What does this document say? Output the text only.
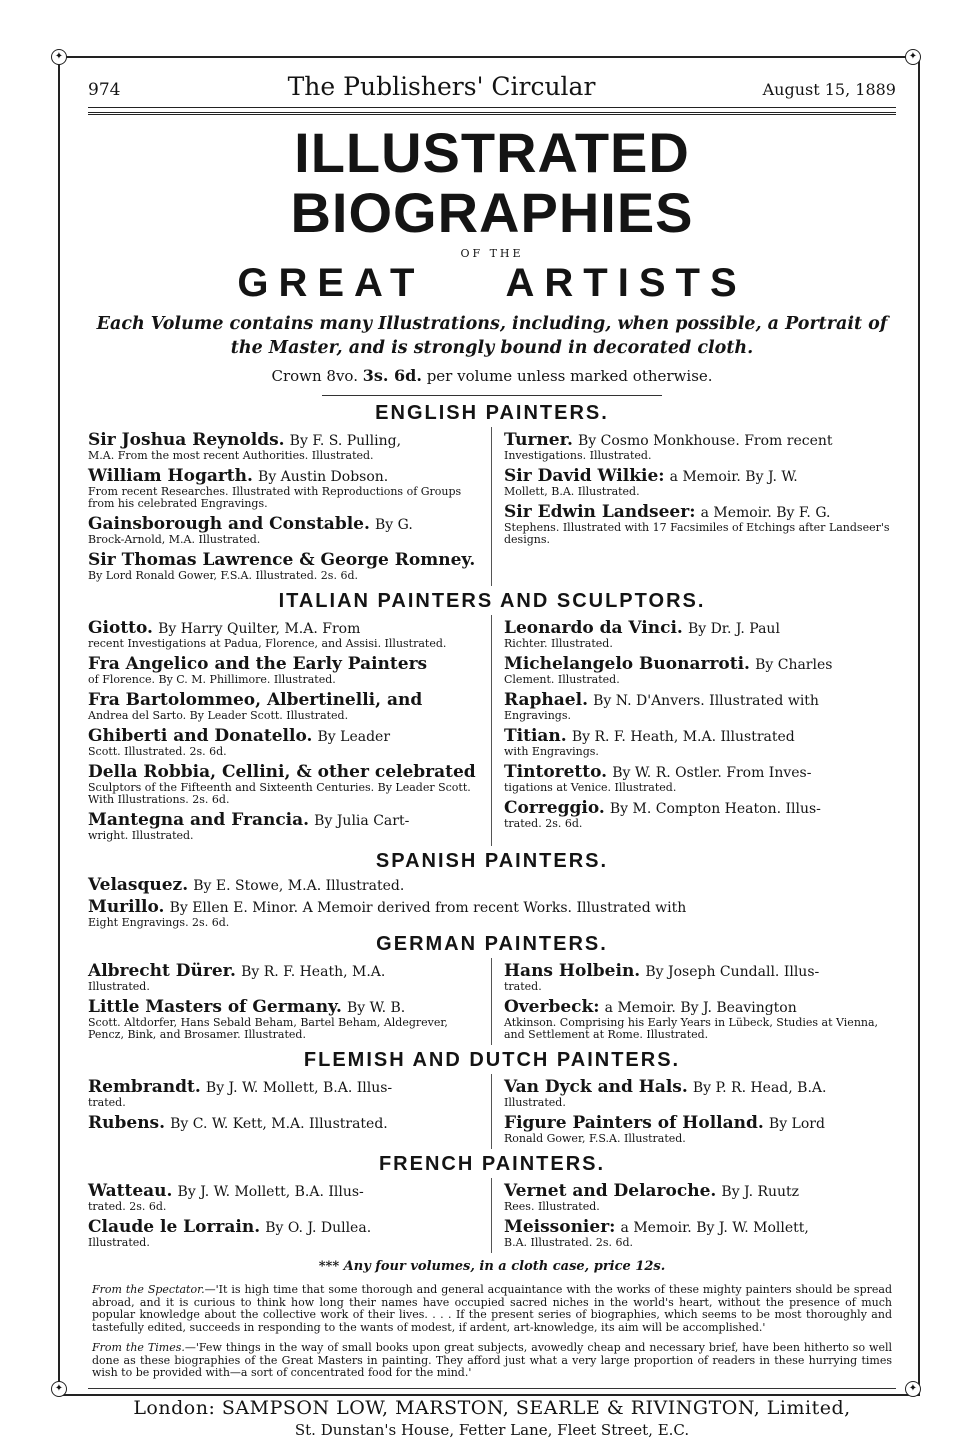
✦	✦
✦	✦
974	The Publishers' Circular	August 15, 1889
ILLUSTRATED BIOGRAPHIES
OF THE
GREAT ARTISTS
Each Volume contains many Illustrations, including, when possible, a Portrait of the Master, and is strongly bound in decorated cloth.
Crown 8vo. 3s. 6d. per volume unless marked otherwise.
ENGLISH PAINTERS.
Sir Joshua Reynolds. By F. S. Pulling,
M.A. From the most recent Authorities. Illustrated.
William Hogarth. By Austin Dobson.
From recent Researches. Illustrated with Reproductions of Groups from his celebrated Engravings.
Gainsborough and Constable. By G.
Brock-Arnold, M.A. Illustrated.
Sir Thomas Lawrence & George Romney.
By Lord Ronald Gower, F.S.A. Illustrated. 2s. 6d.
Turner. By Cosmo Monkhouse. From recent
Investigations. Illustrated.
Sir David Wilkie: a Memoir. By J. W.
Mollett, B.A. Illustrated.
Sir Edwin Landseer: a Memoir. By F. G.
Stephens. Illustrated with 17 Facsimiles of Etchings after Landseer's designs.
ITALIAN PAINTERS AND SCULPTORS.
Giotto. By Harry Quilter, M.A. From
recent Investigations at Padua, Florence, and Assisi. Illustrated.
Fra Angelico and the Early Painters
of Florence. By C. M. Phillimore. Illustrated.
Fra Bartolommeo, Albertinelli, and
Andrea del Sarto. By Leader Scott. Illustrated.
Ghiberti and Donatello. By Leader
Scott. Illustrated. 2s. 6d.
Della Robbia, Cellini, & other celebrated
Sculptors of the Fifteenth and Sixteenth Centuries. By Leader Scott. With Illustrations. 2s. 6d.
Mantegna and Francia. By Julia Cart-
wright. Illustrated.
Leonardo da Vinci. By Dr. J. Paul
Richter. Illustrated.
Michelangelo Buonarroti. By Charles
Clement. Illustrated.
Raphael. By N. D'Anvers. Illustrated with
Engravings.
Titian. By R. F. Heath, M.A. Illustrated
with Engravings.
Tintoretto. By W. R. Ostler. From Inves-
tigations at Venice. Illustrated.
Correggio. By M. Compton Heaton. Illus-
trated. 2s. 6d.
SPANISH PAINTERS.
Velasquez. By E. Stowe, M.A. Illustrated.
Murillo. By Ellen E. Minor. A Memoir derived from recent Works. Illustrated with
Eight Engravings. 2s. 6d.
GERMAN PAINTERS.
Albrecht Dürer. By R. F. Heath, M.A.
Illustrated.
Little Masters of Germany. By W. B.
Scott. Altdorfer, Hans Sebald Beham, Bartel Beham, Aldegrever, Pencz, Bink, and Brosamer. Illustrated.
Hans Holbein. By Joseph Cundall. Illus-
trated.
Overbeck: a Memoir. By J. Beavington
Atkinson. Comprising his Early Years in Lübeck, Studies at Vienna, and Settlement at Rome. Illustrated.
FLEMISH AND DUTCH PAINTERS.
Rembrandt. By J. W. Mollett, B.A. Illus-
trated.
Rubens. By C. W. Kett, M.A. Illustrated.
Van Dyck and Hals. By P. R. Head, B.A.
Illustrated.
Figure Painters of Holland. By Lord
Ronald Gower, F.S.A. Illustrated.
FRENCH PAINTERS.
Watteau. By J. W. Mollett, B.A. Illus-
trated. 2s. 6d.
Claude le Lorrain. By O. J. Dullea.
Illustrated.
Vernet and Delaroche. By J. Ruutz
Rees. Illustrated.
Meissonier: a Memoir. By J. W. Mollett,
B.A. Illustrated. 2s. 6d.
*** Any four volumes, in a cloth case, price 12s.
From the Spectator.—'It is high time that some thorough and general acquaintance with the works of these mighty painters should be spread abroad, and it is curious to think how long their names have occupied sacred niches in the world's heart, without the presence of much popular knowledge about the collective work of their lives. . . . If the present series of biographies, which seems to be most thoroughly and tastefully edited, succeeds in responding to the wants of modest, if ardent, art-knowledge, its aim will be accomplished.'
From the Times.—'Few things in the way of small books upon great subjects, avowedly cheap and necessary brief, have been hitherto so well done as these biographies of the Great Masters in painting. They afford just what a very large proportion of readers in these hurrying times wish to be provided with—a sort of concentrated food for the mind.'
London: SAMPSON LOW, MARSTON, SEARLE & RIVINGTON, Limited,
St. Dunstan's House, Fetter Lane, Fleet Street, E.C.
